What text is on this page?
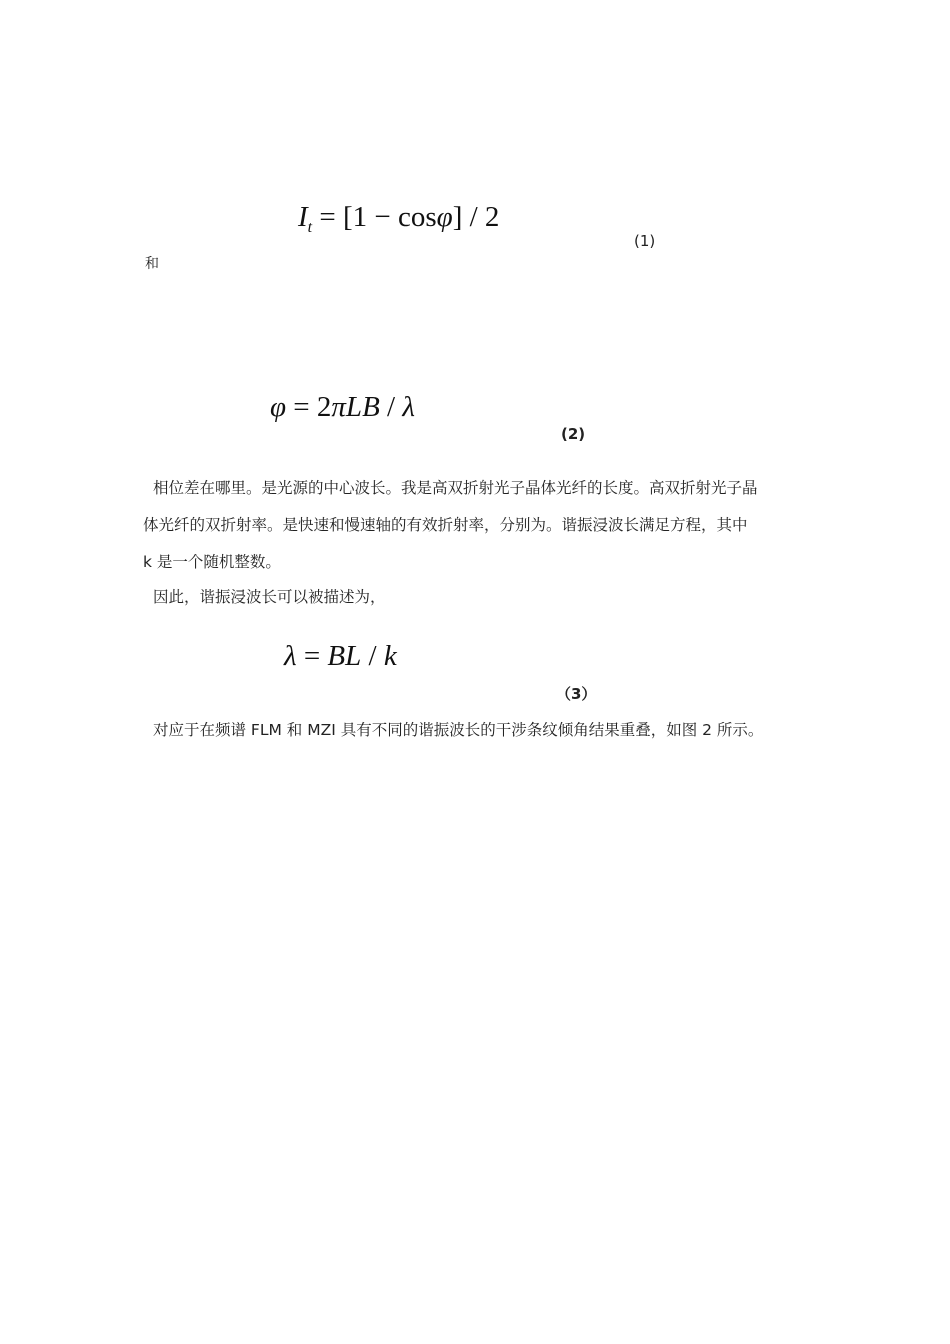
$I_t = [1 - \cos\varphi] / 2$
(1)
和
φ = 2πLB / λ
(2)
相位差在哪里。是光源的中心波长。我是高双折射光子晶体光纤的长度。高双折射光子晶
体光纤的双折射率。是快速和慢速轴的有效折射率，分别为。谐振浸波长满足方程，其中
k 是一个随机整数。
因此，谐振浸波长可以被描述为，
λ = BL / k
（3）
对应于在频谱 FLM 和 MZI 具有不同的谐振波长的干涉条纹倾角结果重叠，如图 2 所示。
